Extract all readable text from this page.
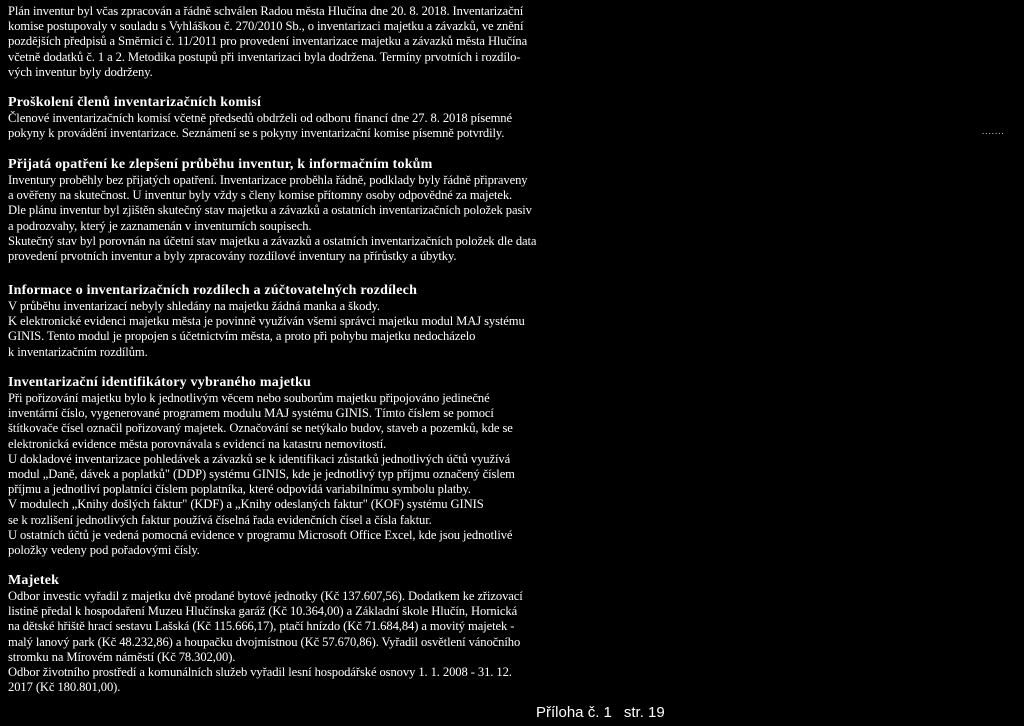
Plán inventur byl včas zpracován a řádně schválen Radou města Hlučína dne 20. 8. 2018. Inventarizační
komise postupovaly v souladu s Vyhláškou č. 270/2010 Sb., o inventarizaci majetku a závazků, ve znění
pozdějších předpisů a Směrnicí č. 11/2011 pro provedení inventarizace majetku a závazků města Hlučína
včetně dodatků č. 1 a 2. Metodika postupů při inventarizaci byla dodržena. Termíny prvotních i rozdílo-
vých inventur byly dodrženy.
Proškolení členů inventarizačních komisí
Členové inventarizačních komisí včetně předsedů obdrželi od odboru financí dne 27. 8. 2018 písemné
pokyny k provádění inventarizace. Seznámení se s pokyny inventarizační komise písemně potvrdily.
Přijatá opatření ke zlepšení průběhu inventur, k informačním tokům
Inventury proběhly bez přijatých opatření. Inventarizace proběhla řádně, podklady byly řádně připraveny
a ověřeny na skutečnost. U inventur byly vždy s členy komise přítomny osoby odpovědné za majetek.
Dle plánu inventur byl zjištěn skutečný stav majetku a závazků a ostatních inventarizačních položek pasiv
a podrozvahy, který je zaznamenán v inventurních soupisech.
Skutečný stav byl porovnán na účetní stav majetku a závazků a ostatních inventarizačních položek dle data
provedení prvotních inventur a byly zpracovány rozdílové inventury na přírůstky a úbytky.
Informace o inventarizačních rozdílech a zúčtovatelných rozdílech
V průběhu inventarizací nebyly shledány na majetku žádná manka a škody.
K elektronické evidenci majetku města je povinně využíván všemi správci majetku modul MAJ systému
GINIS. Tento modul je propojen s účetnictvím města, a proto při pohybu majetku nedocházelo
k inventarizačním rozdílům.
Inventarizační identifikátory vybraného majetku
Při pořizování majetku bylo k jednotlivým věcem nebo souborům majetku připojováno jedinečné
inventární číslo, vygenerované programem modulu MAJ systému GINIS. Tímto číslem se pomocí
štítkovače čísel označil pořizovaný majetek. Označování se netýkalo budov, staveb a pozemků, kde se
elektronická evidence města porovnávala s evidencí na katastru nemovitostí.
U dokladové inventarizace pohledávek a závazků se k identifikaci zůstatků jednotlivých účtů využívá
modul „Daně, dávek a poplatků" (DDP) systému GINIS, kde je jednotlivý typ příjmu označený číslem
příjmu a jednotliví poplatníci číslem poplatníka, které odpovídá variabilnímu symbolu platby.
V modulech „Knihy došlých faktur" (KDF) a „Knihy odeslaných faktur" (KOF) systému GINIS
se k rozlišení jednotlivých faktur používá číselná řada evidenčních čísel a čísla faktur.
U ostatních účtů je vedená pomocná evidence v programu Microsoft Office Excel, kde jsou jednotlivé
položky vedeny pod pořadovými čísly.
Majetek
Odbor investic vyřadil z majetku dvě prodané bytové jednotky (Kč 137.607,56). Dodatkem ke zřizovací
listině předal k hospodaření Muzeu Hlučínska garáž (Kč 10.364,00) a Základní škole Hlučín, Hornická
na dětské hřiště hrací sestavu Lašská (Kč 115.666,17), ptačí hnízdo (Kč 71.684,84) a movitý majetek -
malý lanový park (Kč 48.232,86) a houpačku dvojmístnou (Kč 57.670,86). Vyřadil osvětlení vánočního
stromku na Mírovém náměstí (Kč 78.302,00).
Odbor životního prostředí a komunálních služeb vyřadil lesní hospodářské osnovy 1. 1. 2008 - 31. 12.
2017 (Kč 180.801,00).
.......
Příloha č. 1 str. 19
